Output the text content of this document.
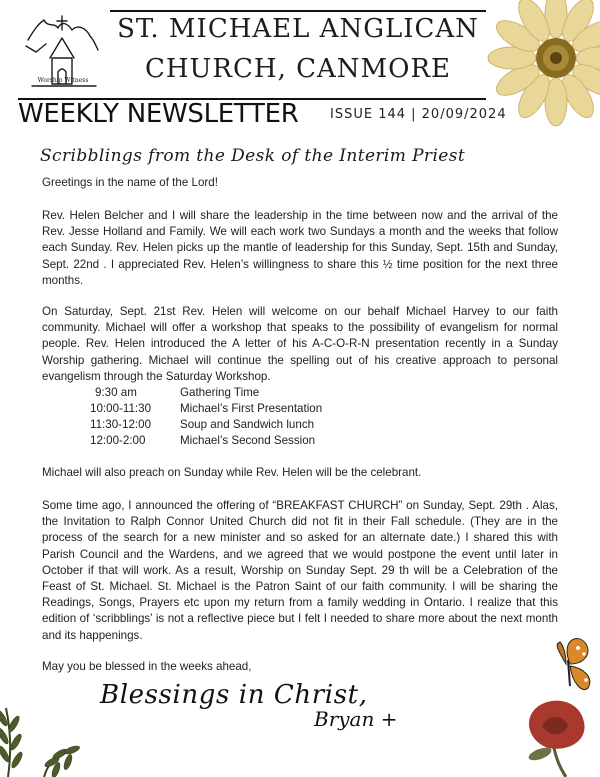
Worship Witness
ST. MICHAEL ANGLICAN
CHURCH, CANMORE
WEEKLY NEWSLETTER ISSUE 144 | 20/09/2024
Scribblings from the Desk of the Interim Priest
Greetings in the name of the Lord!
Rev. Helen Belcher and I will share the leadership in the time between now and the arrival of the Rev. Jesse Holland and Family. We will each work two Sundays a month and the weeks that follow each Sunday. Rev. Helen picks up the mantle of leadership for this Sunday, Sept. 15th and Sunday, Sept. 22nd . I appreciated Rev. Helen’s willingness to share this ½ time position for the next three months.
On Saturday, Sept. 21st Rev. Helen will welcome on our behalf Michael Harvey to our faith community. Michael will offer a workshop that speaks to the possibility of evangelism for normal people. Rev. Helen introduced the A letter of his A-C-O-R-N presentation recently in a Sunday Worship gathering. Michael will continue the spelling out of his creative approach to personal evangelism through the Saturday Workshop.
9:30 am	Gathering Time
10:00-11:30 Michael’s First Presentation
11:30-12:00 Soup and Sandwich lunch
12:00-2:00	Michael’s Second Session
Michael will also preach on Sunday while Rev. Helen will be the celebrant.
Some time ago, I announced the offering of “BREAKFAST CHURCH” on Sunday, Sept. 29th . Alas, the Invitation to Ralph Connor United Church did not fit in their Fall schedule. (They are in the process of the search for a new minister and so asked for an alternate date.) I shared this with Parish Council and the Wardens, and we agreed that we would postpone the event until later in October if that will work. As a result, Worship on Sunday Sept. 29 th will be a Celebration of the Feast of St. Michael. St. Michael is the Patron Saint of our faith community. I will be sharing the Readings, Songs, Prayers etc upon my return from a family wedding in Ontario. I realize that this edition of ‘scribblings’ is not a reflective piece but I felt I needed to share more about the next month and its happenings.
May you be blessed in the weeks ahead,
Blessings in Christ,
Bryan +
